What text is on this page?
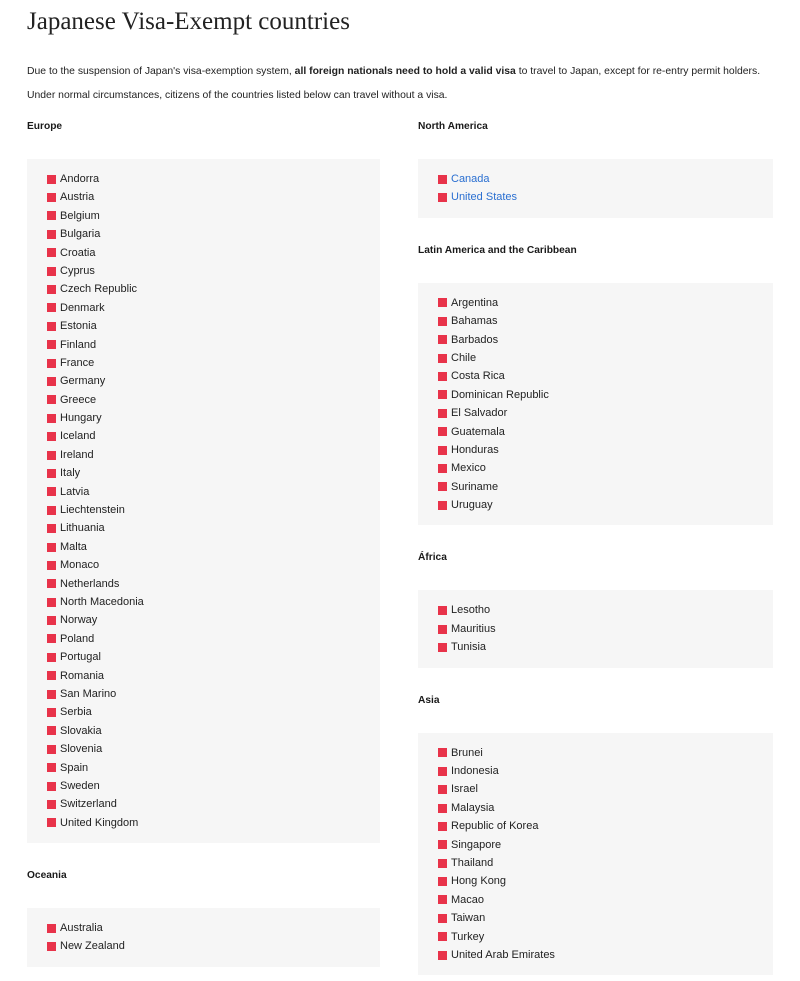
Japanese Visa-Exempt countries

Due to the suspension of Japan's visa-exemption system, all foreign nationals need to hold a valid visa to travel to Japan, except for re-entry permit holders.

Under normal circumstances, citizens of the countries listed below can travel without a visa.

Europe
Andorra
Austria
Belgium
Bulgaria
Croatia
Cyprus
Czech Republic
Denmark
Estonia
Finland
France
Germany
Greece
Hungary
Iceland
Ireland
Italy
Latvia
Liechtenstein
Lithuania
Malta
Monaco
Netherlands
North Macedonia
Norway
Poland
Portugal
Romania
San Marino
Serbia
Slovakia
Slovenia
Spain
Sweden
Switzerland
United Kingdom
Oceania
Australia
New Zealand
North America
Canada
United States
Latin America and the Caribbean
Argentina
Bahamas
Barbados
Chile
Costa Rica
Dominican Republic
El Salvador
Guatemala
Honduras
Mexico
Suriname
Uruguay
África
Lesotho
Mauritius
Tunisia
Asia
Brunei
Indonesia
Israel
Malaysia
Republic of Korea
Singapore
Thailand
Hong Kong
Macao
Taiwan
Turkey
United Arab Emirates
